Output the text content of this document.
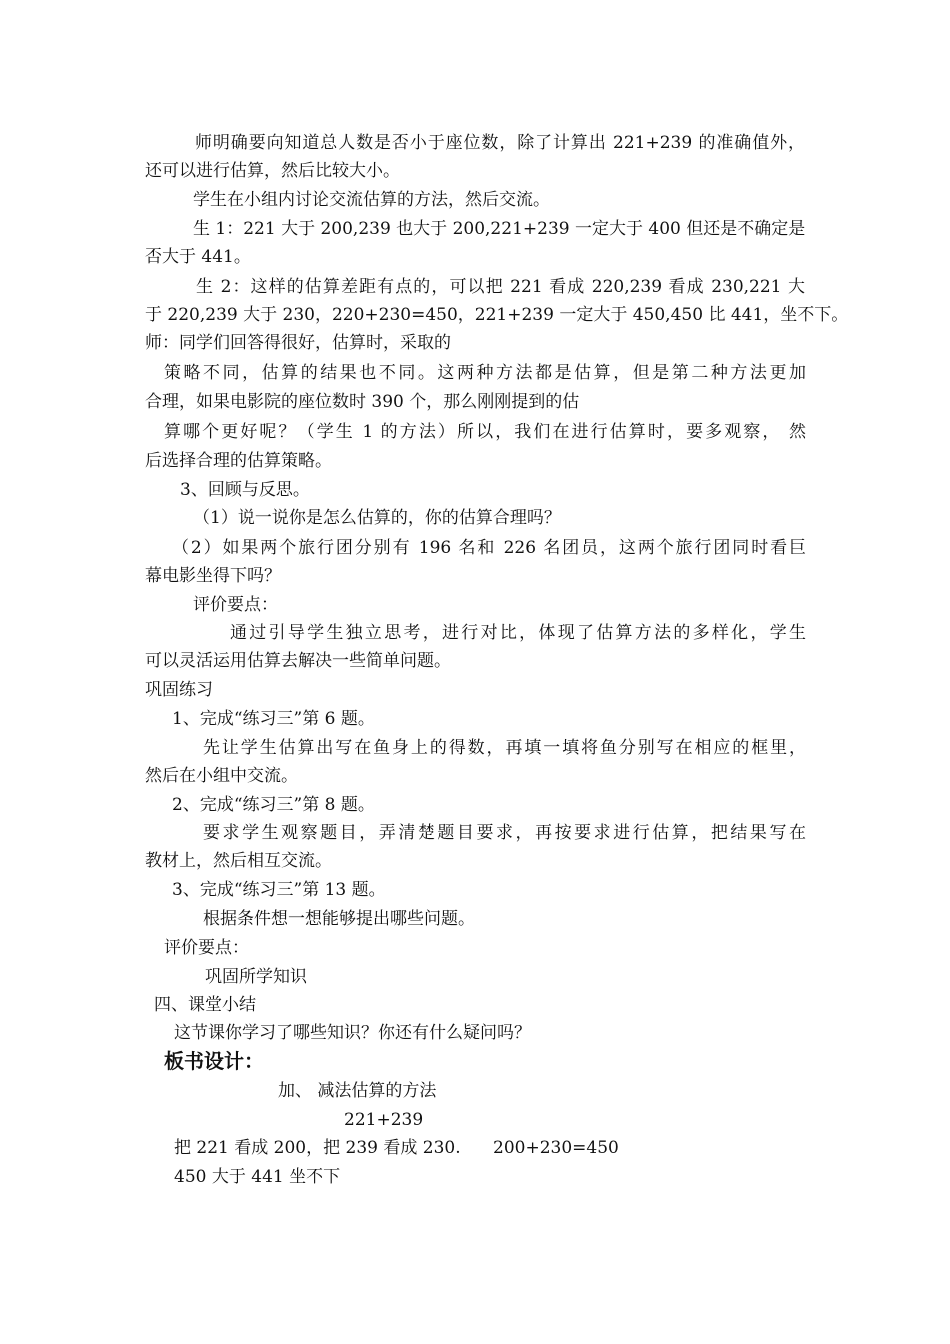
师明确要向知道总人数是否小于座位数，除了计算出 221+239 的准确值外，
还可以进行估算，然后比较大小。
学生在小组内讨论交流估算的方法，然后交流。
生 1：221 大于 200,239 也大于 200,221+239 一定大于 400 但还是不确定是
否大于 441。
生 2：这样的估算差距有点的，可以把 221 看成 220,239 看成 230,221 大
于 220,239 大于 230，220+230=450，221+239 一定大于 450,450 比 441，坐不下。
师：同学们回答得很好，估算时，采取的
策略不同，估算的结果也不同。这两种方法都是估算，但是第二种方法更加
合理，如果电影院的座位数时 390 个，那么刚刚提到的估
算哪个更好呢？（学生 1 的方法）所以，我们在进行估算时，要多观察， 然
后选择合理的估算策略。
3、回顾与反思。
（1）说一说你是怎么估算的，你的估算合理吗？
（2）如果两个旅行团分别有 196 名和 226 名团员，这两个旅行团同时看巨
幕电影坐得下吗？
评价要点：
通过引导学生独立思考，进行对比，体现了估算方法的多样化，学生
可以灵活运用估算去解决一些简单问题。
巩固练习
1、完成“练习三”第 6 题。
先让学生估算出写在鱼身上的得数，再填一填将鱼分别写在相应的框里，
然后在小组中交流。
2、完成“练习三”第 8 题。
要求学生观察题目，弄清楚题目要求，再按要求进行估算，把结果写在
教材上，然后相互交流。
3、完成“练习三”第 13 题。
根据条件想一想能够提出哪些问题。
评价要点：
巩固所学知识
四、课堂小结
这节课你学习了哪些知识？你还有什么疑问吗？
板书设计：
加、 减法估算的方法
221+239
把 221 看成 200，把 239 看成 230. 200+230=450
450 大于 441 坐不下
